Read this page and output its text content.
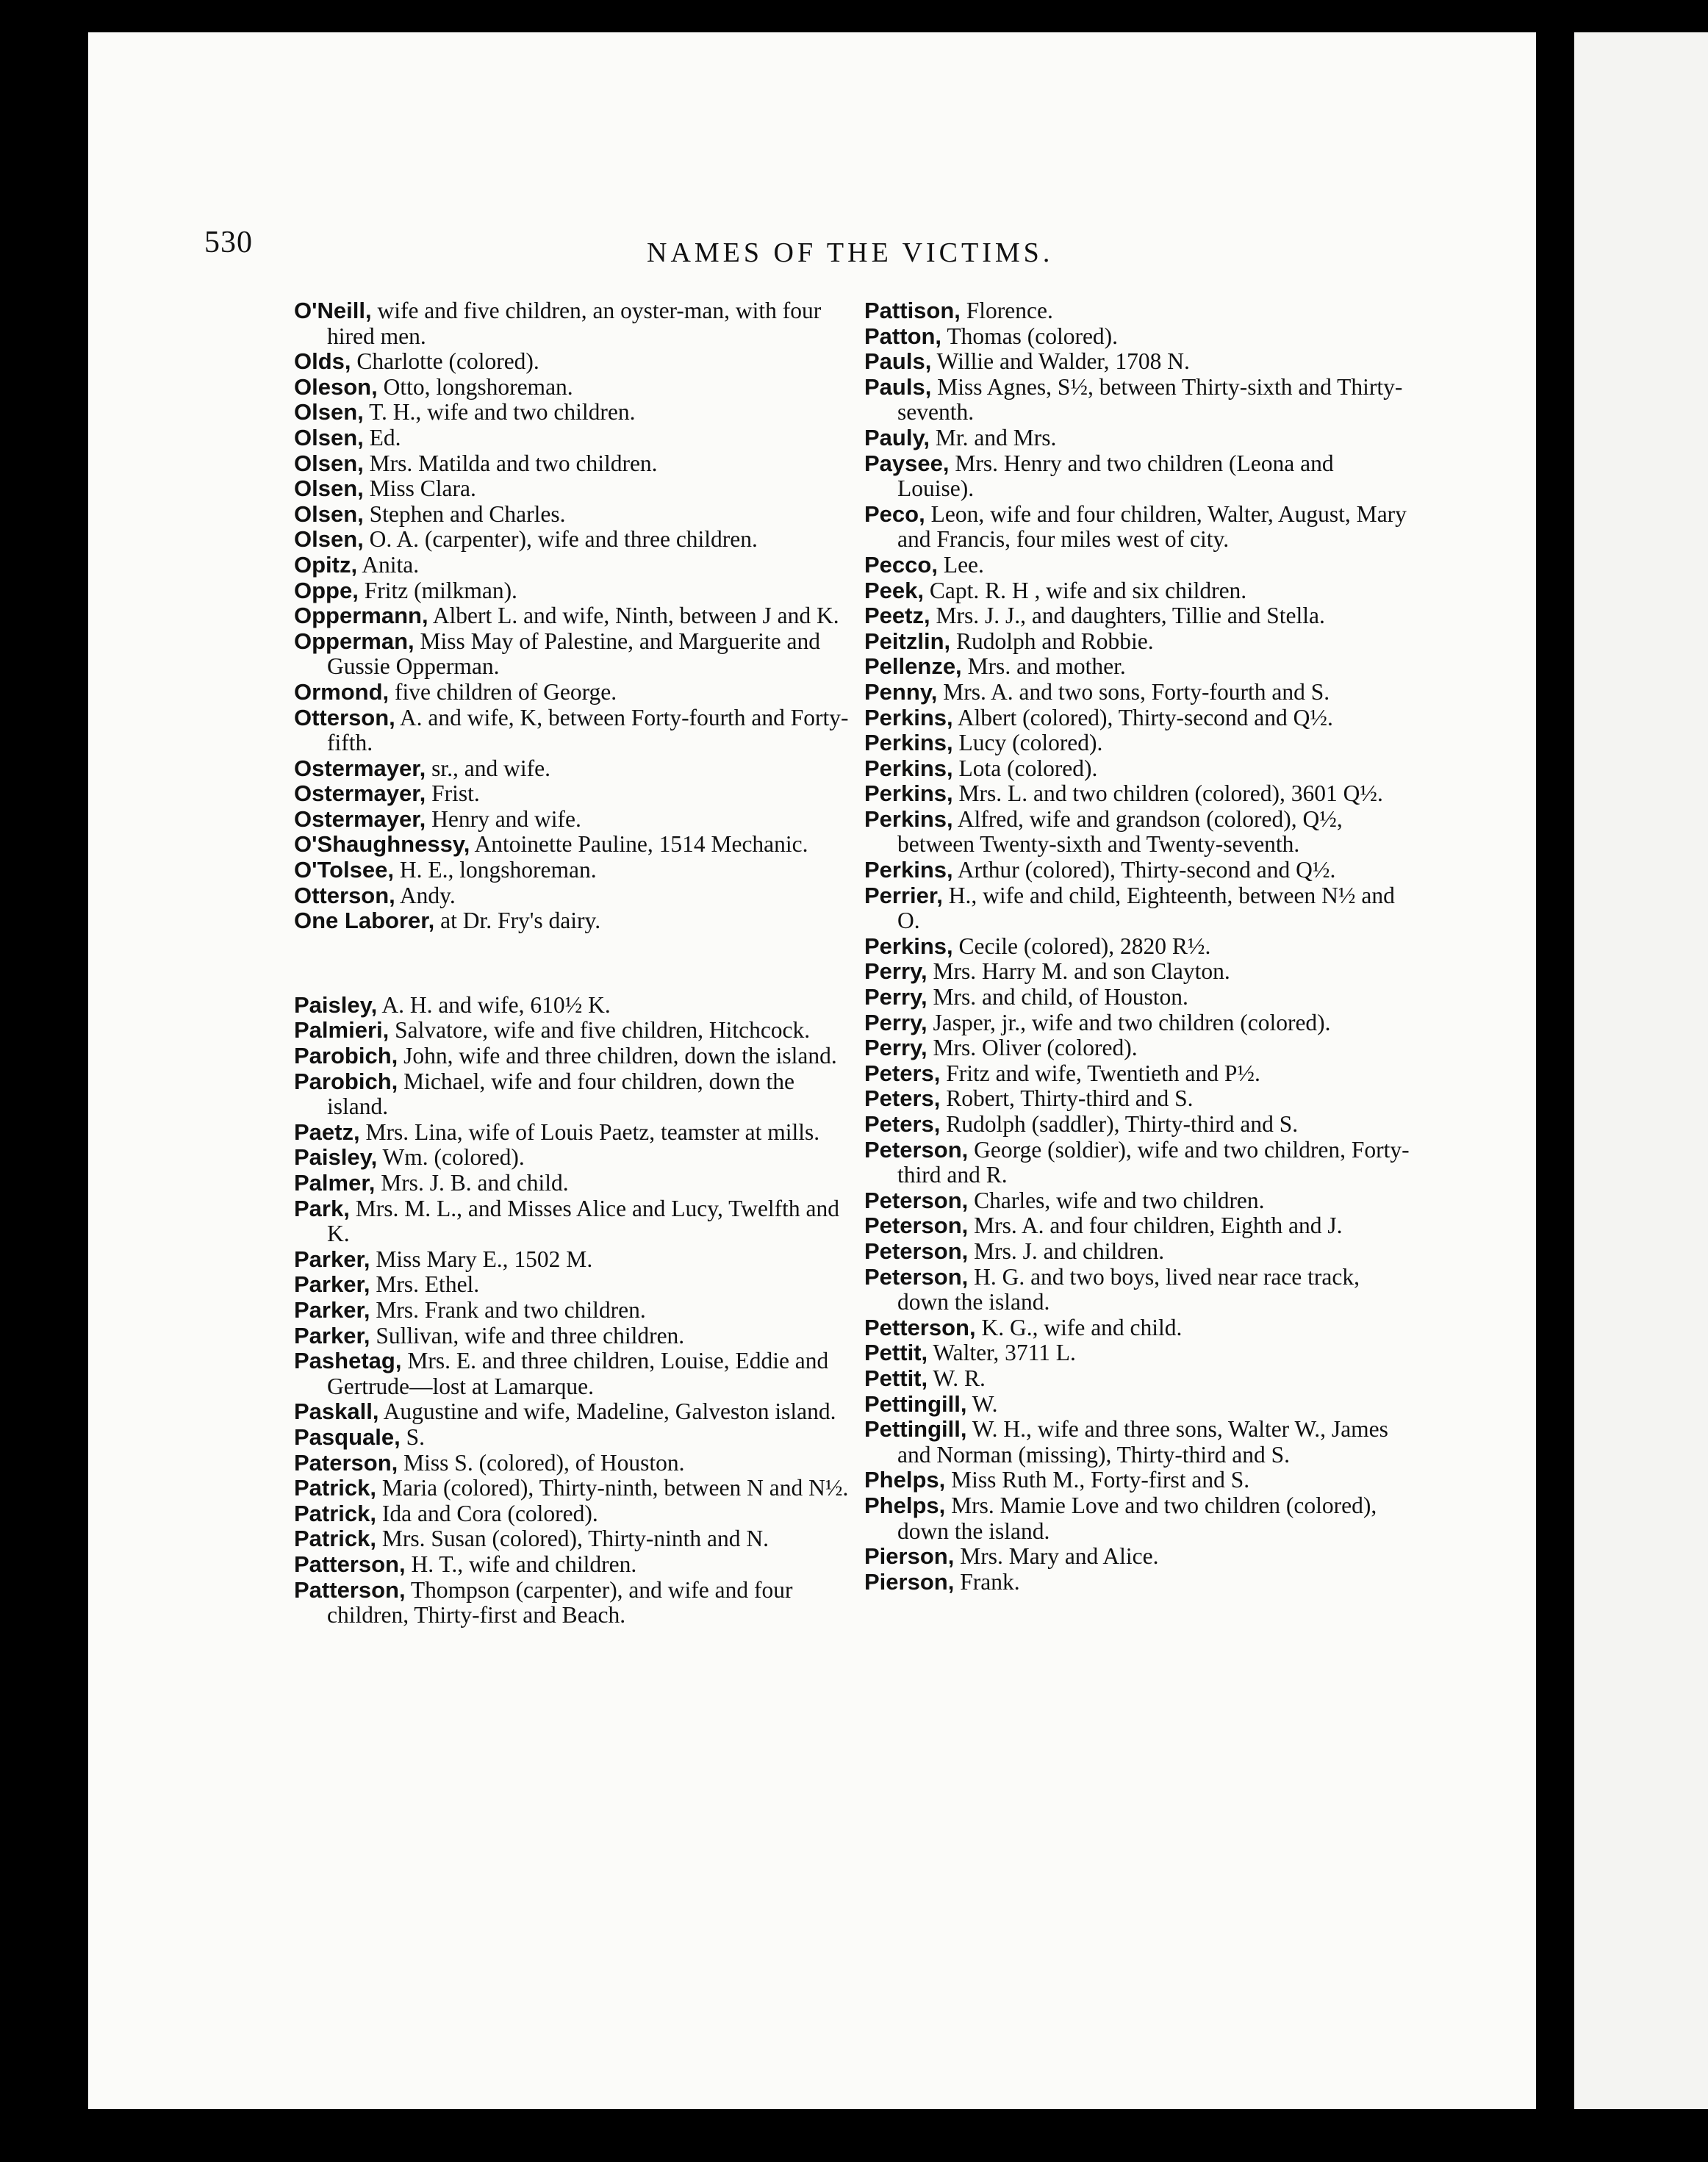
530	NAMES OF THE VICTIMS.
O'Neill, wife and five children, an oyster-man, with four hired men.
Olds, Charlotte (colored).
Oleson, Otto, longshoreman.
Olsen, T. H., wife and two children.
Olsen, Ed.
Olsen, Mrs. Matilda and two children.
Olsen, Miss Clara.
Olsen, Stephen and Charles.
Olsen, O. A. (carpenter), wife and three children.
Opitz, Anita.
Oppe, Fritz (milkman).
Oppermann, Albert L. and wife, Ninth, between J and K.
Opperman, Miss May of Palestine, and Marguerite and Gussie Opperman.
Ormond, five children of George.
Otterson, A. and wife, K, between Forty-fourth and Forty-fifth.
Ostermayer, sr., and wife.
Ostermayer, Frist.
Ostermayer, Henry and wife.
O'Shaughnessy, Antoinette Pauline, 1514 Mechanic.
O'Tolsee, H. E., longshoreman.
Otterson, Andy.
One Laborer, at Dr. Fry's dairy.
Paisley, A. H. and wife, 610½ K.
Palmieri, Salvatore, wife and five children, Hitchcock.
Parobich, John, wife and three children, down the island.
Parobich, Michael, wife and four children, down the island.
Paetz, Mrs. Lina, wife of Louis Paetz, teamster at mills.
Paisley, Wm. (colored).
Palmer, Mrs. J. B. and child.
Park, Mrs. M. L., and Misses Alice and Lucy, Twelfth and K.
Parker, Miss Mary E., 1502 M.
Parker, Mrs. Ethel.
Parker, Mrs. Frank and two children.
Parker, Sullivan, wife and three children.
Pashetag, Mrs. E. and three children, Louise, Eddie and Gertrude—lost at Lamarque.
Paskall, Augustine and wife, Madeline, Galveston island.
Pasquale, S.
Paterson, Miss S. (colored), of Houston.
Patrick, Maria (colored), Thirty-ninth, between N and N½.
Patrick, Ida and Cora (colored).
Patrick, Mrs. Susan (colored), Thirty-ninth and N.
Patterson, H. T., wife and children.
Patterson, Thompson (carpenter), and wife and four children, Thirty-first and Beach.
Pattison, Florence.
Patton, Thomas (colored).
Pauls, Willie and Walder, 1708 N.
Pauls, Miss Agnes, S½, between Thirty-sixth and Thirty-seventh.
Pauly, Mr. and Mrs.
Paysee, Mrs. Henry and two children (Leona and Louise).
Peco, Leon, wife and four children, Walter, August, Mary and Francis, four miles west of city.
Pecco, Lee.
Peek, Capt. R. H , wife and six children.
Peetz, Mrs. J. J., and daughters, Tillie and Stella.
Peitzlin, Rudolph and Robbie.
Pellenze, Mrs. and mother.
Penny, Mrs. A. and two sons, Forty-fourth and S.
Perkins, Albert (colored), Thirty-second and Q½.
Perkins, Lucy (colored).
Perkins, Lota (colored).
Perkins, Mrs. L. and two children (colored), 3601 Q½.
Perkins, Alfred, wife and grandson (colored), Q½, between Twenty-sixth and Twenty-seventh.
Perkins, Arthur (colored), Thirty-second and Q½.
Perrier, H., wife and child, Eighteenth, between N½ and O.
Perkins, Cecile (colored), 2820 R½.
Perry, Mrs. Harry M. and son Clayton.
Perry, Mrs. and child, of Houston.
Perry, Jasper, jr., wife and two children (colored).
Perry, Mrs. Oliver (colored).
Peters, Fritz and wife, Twentieth and P½.
Peters, Robert, Thirty-third and S.
Peters, Rudolph (saddler), Thirty-third and S.
Peterson, George (soldier), wife and two children, Forty-third and R.
Peterson, Charles, wife and two children.
Peterson, Mrs. A. and four children, Eighth and J.
Peterson, Mrs. J. and children.
Peterson, H. G. and two boys, lived near race track, down the island.
Petterson, K. G., wife and child.
Pettit, Walter, 3711 L.
Pettit, W. R.
Pettingill, W.
Pettingill, W. H., wife and three sons, Walter W., James and Norman (missing), Thirty-third and S.
Phelps, Miss Ruth M., Forty-first and S.
Phelps, Mrs. Mamie Love and two children (colored), down the island.
Pierson, Mrs. Mary and Alice.
Pierson, Frank.
